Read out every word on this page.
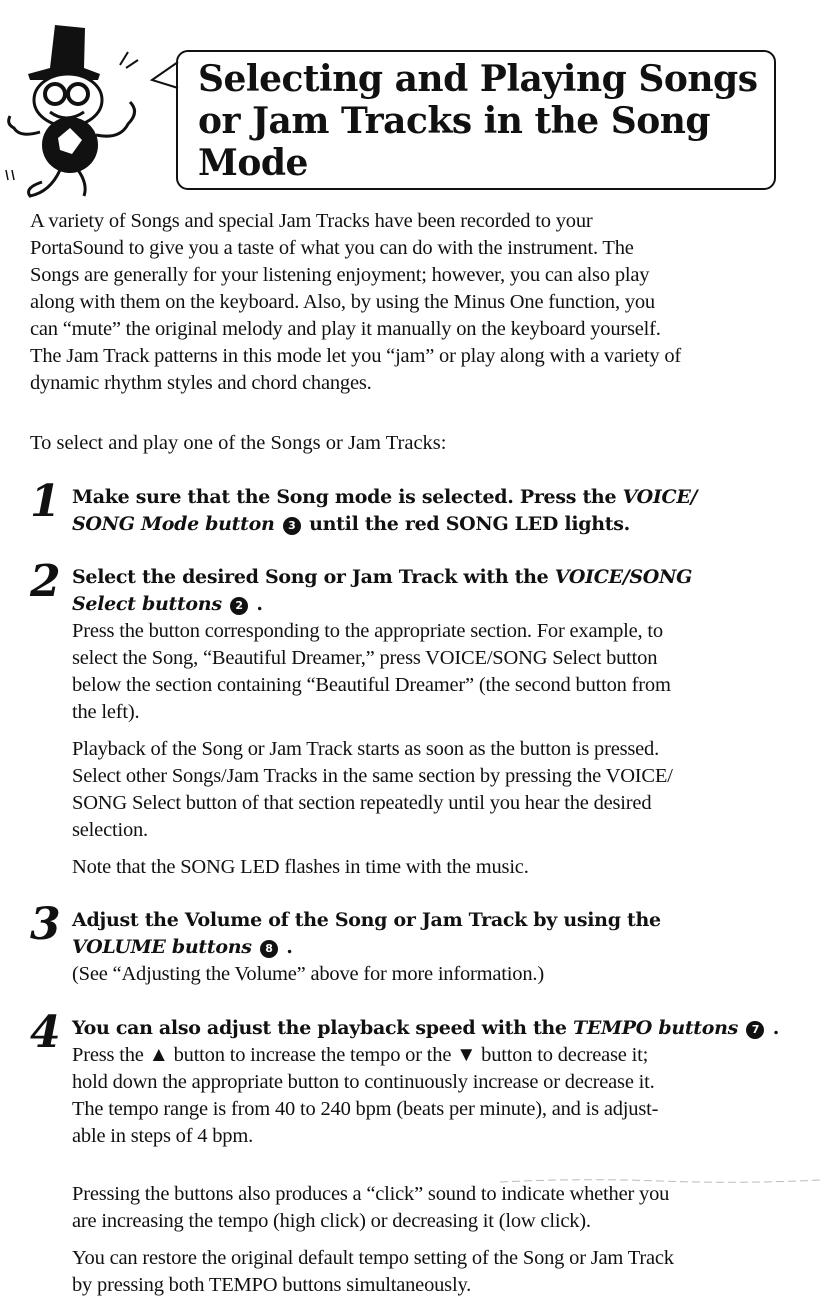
Selecting and Playing Songs
or Jam Tracks in the Song
Mode
A variety of Songs and special Jam Tracks have been recorded to your
PortaSound to give you a taste of what you can do with the instrument. The
Songs are generally for your listening enjoyment; however, you can also play
along with them on the keyboard. Also, by using the Minus One function, you
can “mute” the original melody and play it manually on the keyboard yourself.
The Jam Track patterns in this mode let you “jam” or play along with a variety of
dynamic rhythm styles and chord changes.
To select and play one of the Songs or Jam Tracks:
1 Make sure that the Song mode is selected. Press the VOICE/
SONG Mode button 3 until the red SONG LED lights.
2 Select the desired Song or Jam Track with the VOICE/SONG
Select buttons 2 .
Press the button corresponding to the appropriate section. For example, to
select the Song, “Beautiful Dreamer,” press VOICE/SONG Select button
below the section containing “Beautiful Dreamer” (the second button from
the left).
Playback of the Song or Jam Track starts as soon as the button is pressed.
Select other Songs/Jam Tracks in the same section by pressing the VOICE/
SONG Select button of that section repeatedly until you hear the desired
selection.
Note that the SONG LED flashes in time with the music.
3 Adjust the Volume of the Song or Jam Track by using the
VOLUME buttons 8 .
(See “Adjusting the Volume” above for more information.)
4 You can also adjust the playback speed with the TEMPO buttons 7 .
Press the ▲ button to increase the tempo or the ▼ button to decrease it;
hold down the appropriate button to continuously increase or decrease it.
The tempo range is from 40 to 240 bpm (beats per minute), and is adjust-
able in steps of 4 bpm.
Pressing the buttons also produces a “click” sound to indicate whether you
are increasing the tempo (high click) or decreasing it (low click).
You can restore the original default tempo setting of the Song or Jam Track
by pressing both TEMPO buttons simultaneously.
